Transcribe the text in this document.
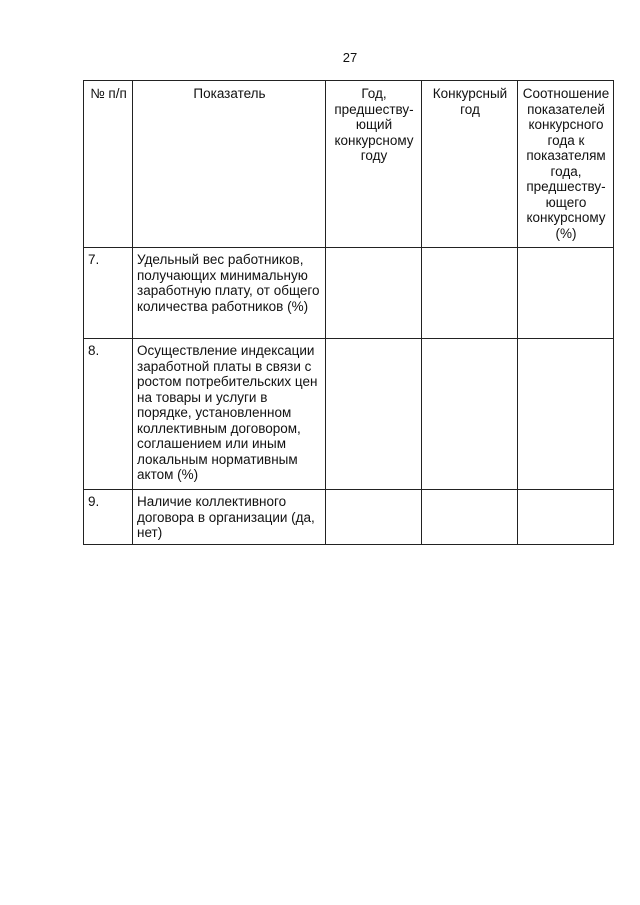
27
№ п/п	Показатель	Год, предшеству-ющий конкурсному году	Конкурсный год	Соотношение показателей конкурсного года к показателям года, предшеству-ющего конкурсному (%)
7.	Удельный вес работников, получающих минимальную заработную плату, от общего количества работников (%)			
8.	Осуществление индексации заработной платы в связи с ростом потребительских цен на товары и услуги в порядке, установленном коллективным договором, соглашением или иным локальным нормативным актом (%)			
9.	Наличие коллективного договора в организации (да, нет)			
